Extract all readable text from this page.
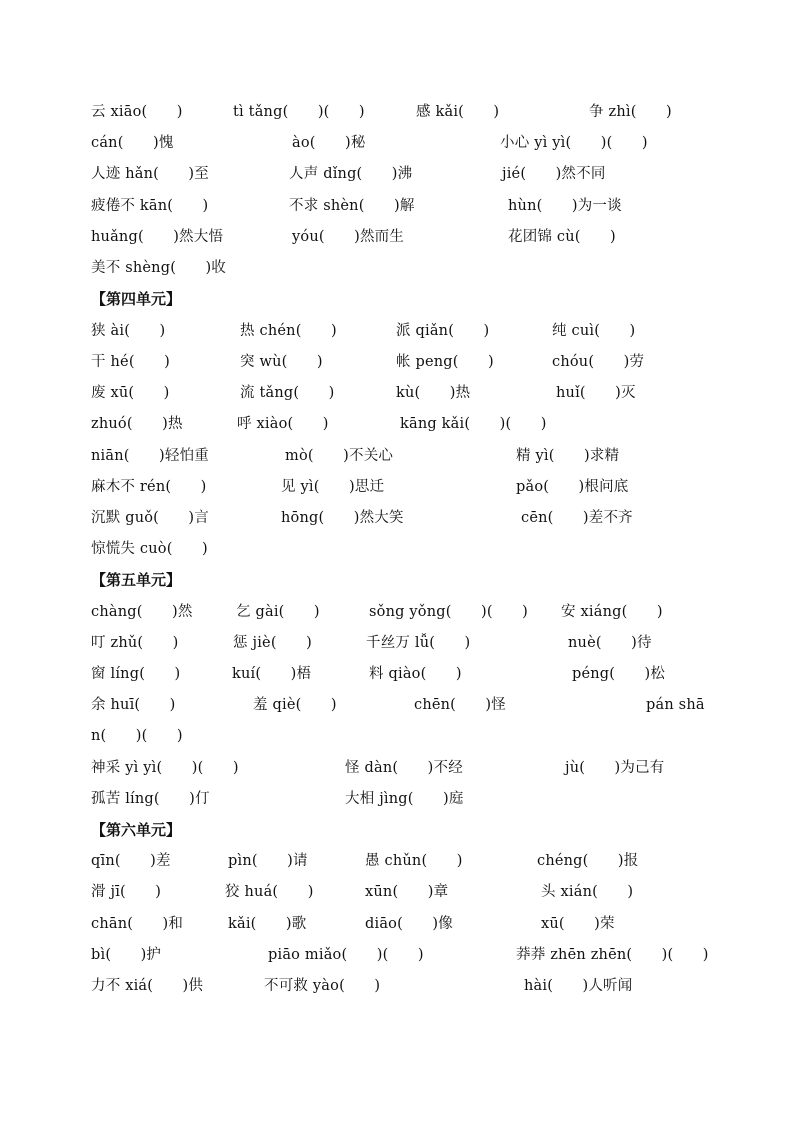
云 xiāo(　　)	tì tǎng(　　)(　　)	感 kǎi(　　)	争 zhì(　　)
cán(　　)愧	ào(　　)秘	小心 yì yì(　　)(　　)
人迹 hǎn(　　)至	人声 dǐng(　　)沸	jié(　　)然不同
疲倦不 kān(　　)	不求 shèn(　　)解	hùn(　　)为一谈
huǎng(　　)然大悟	yóu(　　)然而生	花团锦 cù(　　)
美不 shèng(　　)收
【第四单元】
狭 ài(　　)	热 chén(　　)	派 qiǎn(　　)	纯 cuì(　　)
干 hé(　　)	突 wù(　　)	帐 peng(　　)	chóu(　　)劳
废 xū(　　)	流 tǎng(　　)	kù(　　)热	huǐ(　　)灭
zhuó(　　)热	呼 xiào(　　)	kāng kǎi(　　)(　　)
niān(　　)轻怕重	mò(　　)不关心	精 yì(　　)求精
麻木不 rén(　　)	见 yì(　　)思迁	pǎo(　　)根问底
沉默 guǒ(　　)言	hōng(　　)然大笑	cēn(　　)差不齐
惊慌失 cuò(　　)
【第五单元】
chàng(　　)然	乞 gài(　　)	sǒng yǒng(　　)(　　) 安 xiáng(　　)
叮 zhǔ(　　)	惩 jiè(　　)	千丝万 lǚ(　　)	nuè(　　)待
窗 líng(　　)	kuí(　　)梧	料 qiào(　　)	péng(　　)松
余 huī(　　)	羞 qiè(　　)	chēn(　　)怪	pán shā
n(　　)(　　)
神采 yì yì(　　)(　　)	怪 dàn(　　)不经	jù(　　)为己有
孤苦 líng(　　)仃	大相 jìng(　　)庭
【第六单元】
qīn(　　)差	pìn(　　)请	愚 chǔn(　　)	chéng(　　)报
滑 jī(　　)	狡 huá(　　)	xūn(　　)章	头 xián(　　)
chān(　　)和	kǎi(　　)歌	diāo(　　)像	xū(　　)荣
bì(　　)护	piāo miǎo(　　)(　　)	莽莽 zhēn zhēn(　　)(　　)
力不 xiá(　　)供	不可救 yào(　　)	hài(　　)人听闻
